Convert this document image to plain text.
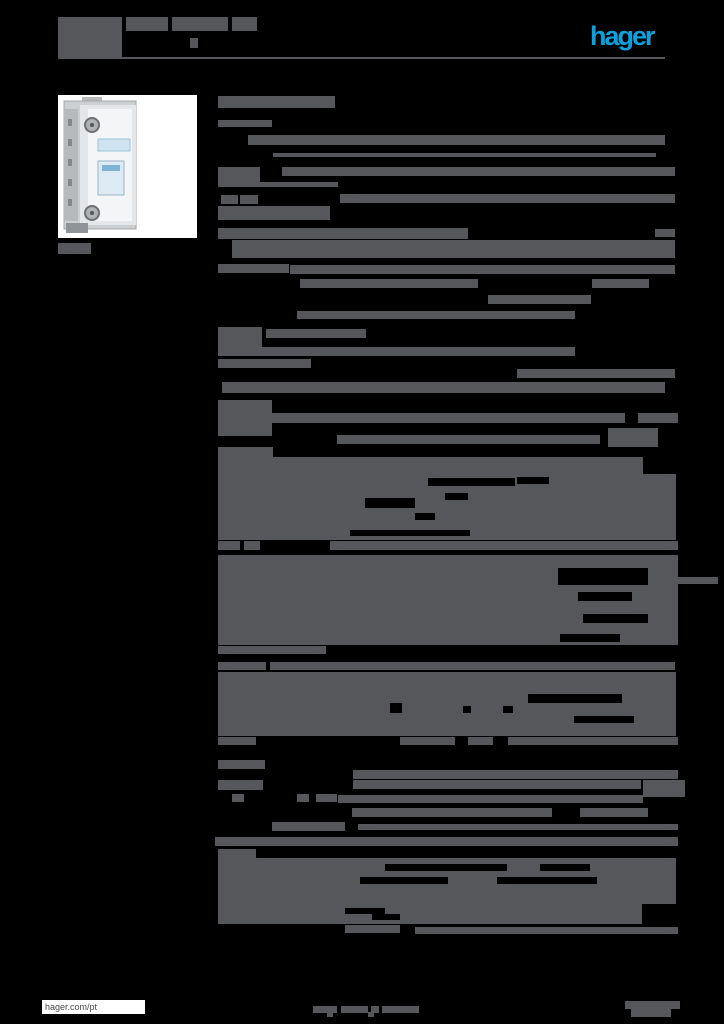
hager
hager.com/pt
